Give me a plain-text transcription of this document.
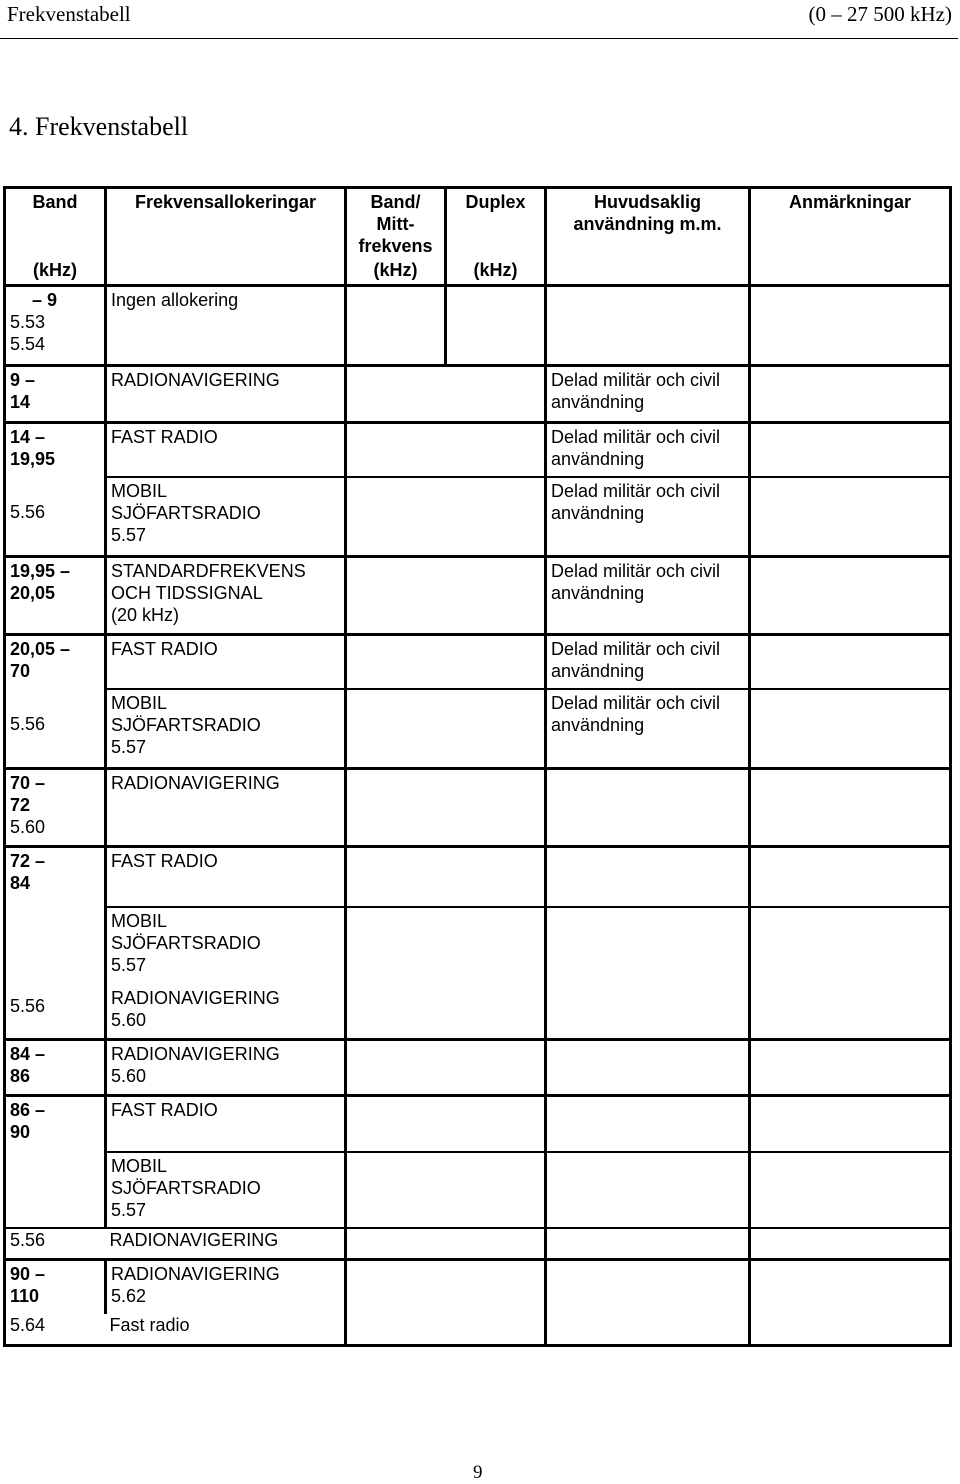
Frekvenstabell	(0 – 27 500 kHz)
4. Frekvenstabell
Band	Frekvensallokeringar	Band/
Mitt-
frekvens	Duplex	Huvudsaklig
användning m.m.	Anmärkningar
(kHz)		(kHz)	(kHz)		

– 9
5.53
5.54	Ingen allokering				

9 –
14	RADIONAVIGERING			Delad militär och civil
användning	

14 –
19,95
5.56	FAST RADIO			Delad militär och civil
användning	

	MOBIL
SJÖFARTSRADIO
5.57			Delad militär och civil
användning	

19,95 –
20,05	STANDARDFREKVENS
OCH TIDSSIGNAL
(20 kHz)			Delad militär och civil
användning	

20,05 –
70
5.56	FAST RADIO			Delad militär och civil
användning	

	MOBIL
SJÖFARTSRADIO
5.57			Delad militär och civil
användning	

70 –
72
5.60	RADIONAVIGERING				

72 –
84
5.56	FAST RADIO				

	MOBIL
SJÖFARTSRADIO
5.57				

	RADIONAVIGERING
5.60				

84 –
86	RADIONAVIGERING
5.60				

86 –
90	FAST RADIO				

	MOBIL
SJÖFARTSRADIO
5.57				

5.56	RADIONAVIGERING				

90 –
110	RADIONAVIGERING
5.62				

5.64	Fast radio				
9
